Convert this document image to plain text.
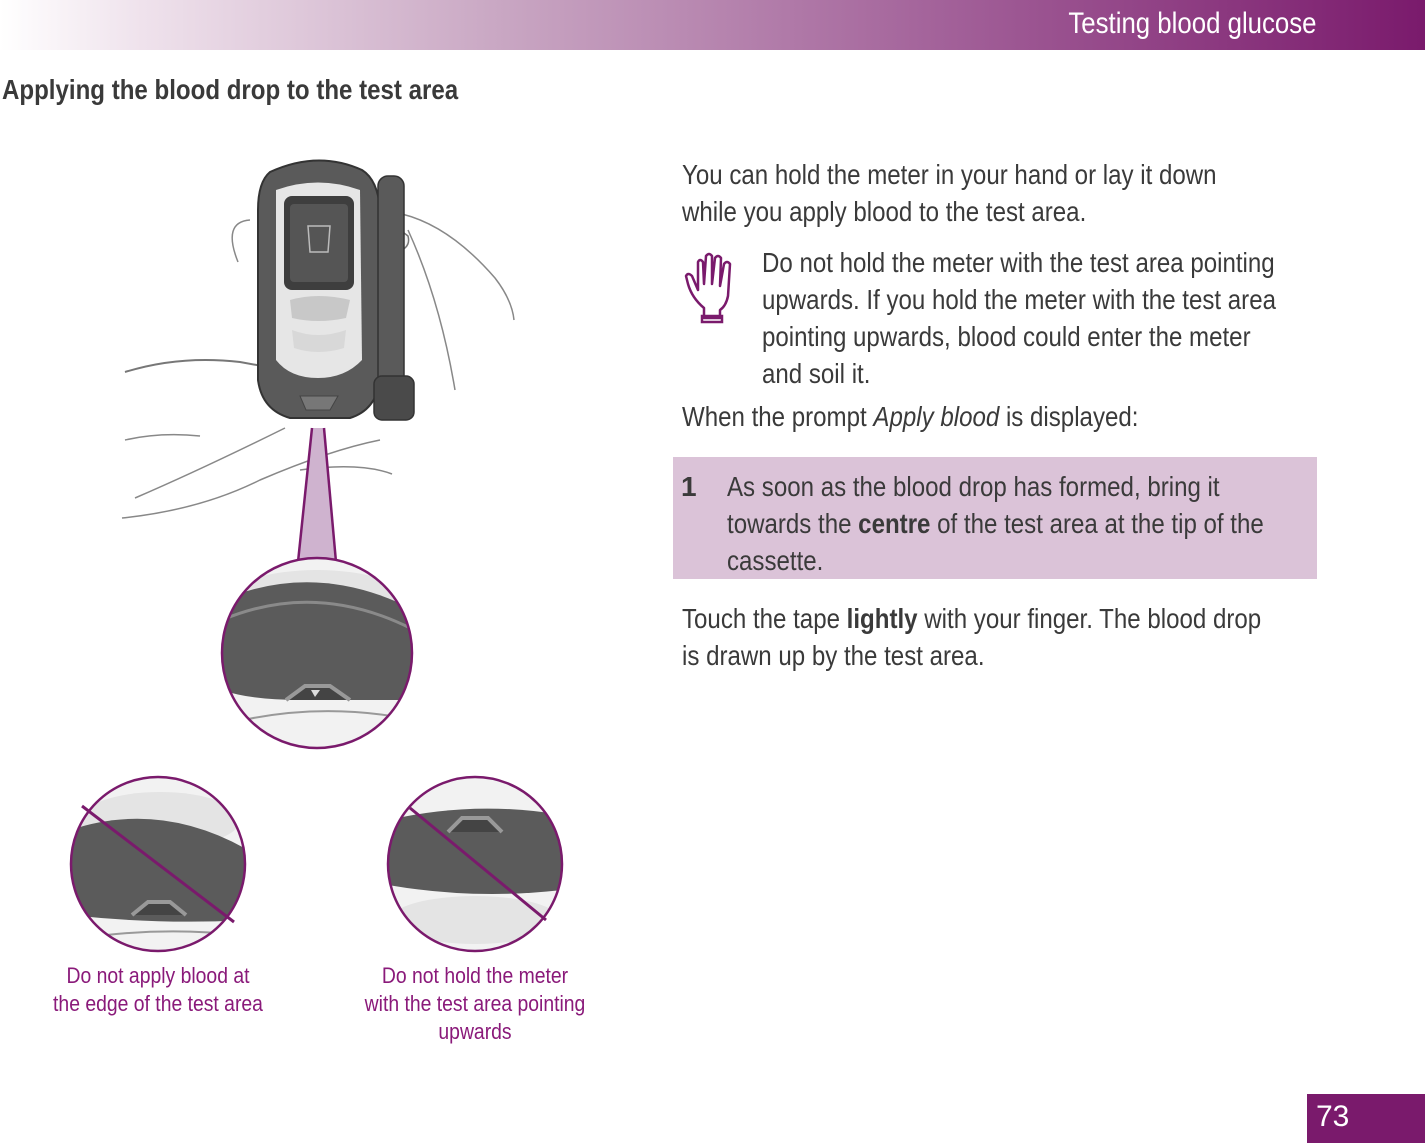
Testing blood glucose
Applying the blood drop to the test area
You can hold the meter in your hand or lay it down
while you apply blood to the test area.
Do not hold the meter with the test area pointing
upwards. If you hold the meter with the test area
pointing upwards, blood could enter the meter
and soil it.
When the prompt Apply blood is displayed:
1 As soon as the blood drop has formed, bring it
towards the centre of the test area at the tip of the
cassette.
Touch the tape lightly with your finger. The blood drop
is drawn up by the test area.
Do not apply blood at
the edge of the test area
Do not hold the meter
with the test area pointing
upwards
73
